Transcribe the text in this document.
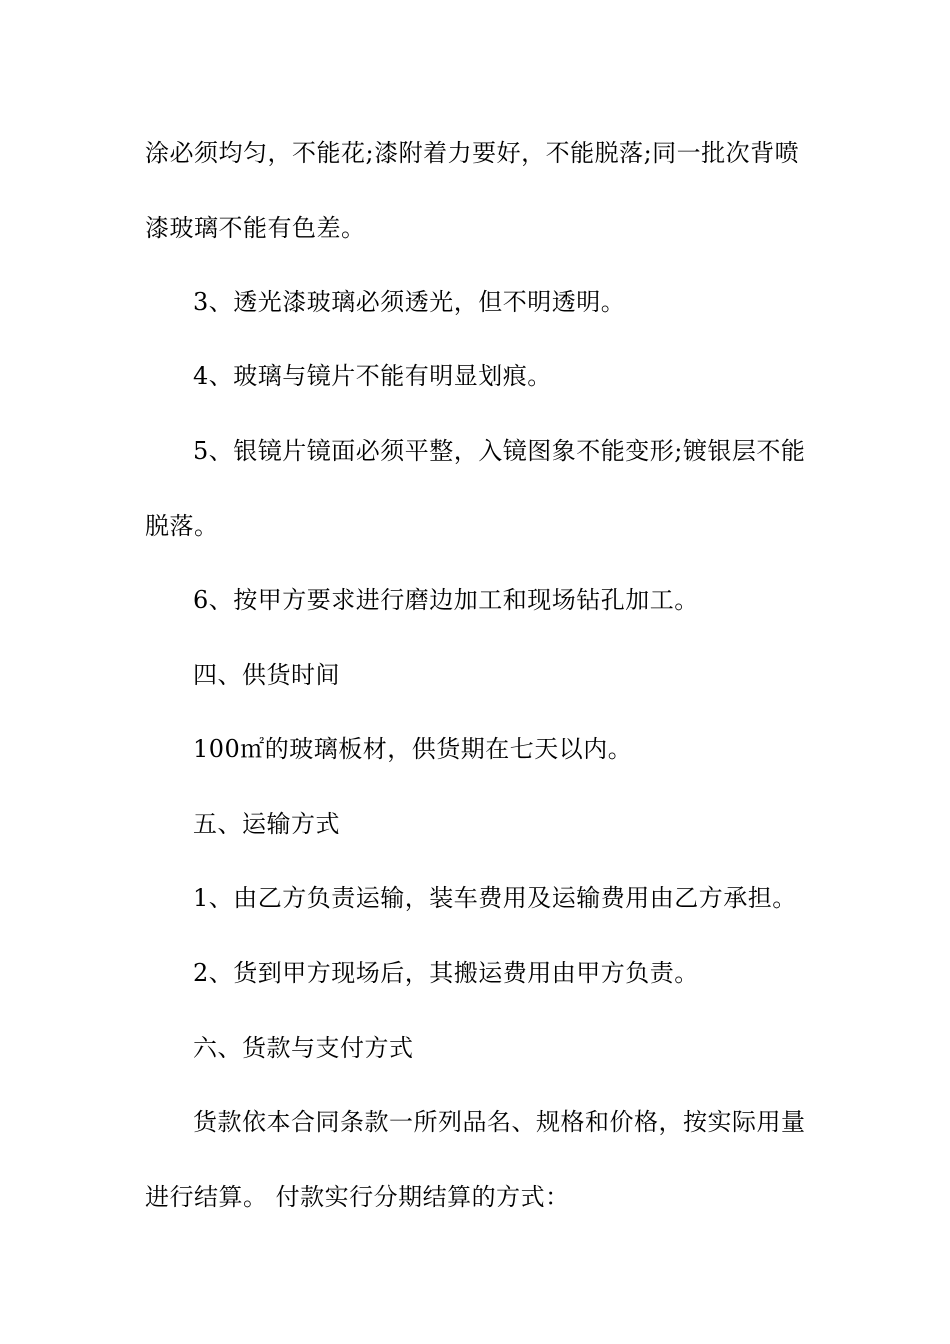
涂必须均匀，不能花;漆附着力要好，不能脱落;同一批次背喷
漆玻璃不能有色差。
3、透光漆玻璃必须透光，但不明透明。
4、玻璃与镜片不能有明显划痕。
5、银镜片镜面必须平整，入镜图象不能变形;镀银层不能
脱落。
6、按甲方要求进行磨边加工和现场钻孔加工。
四、供货时间
100㎡的玻璃板材，供货期在七天以内。
五、运输方式
1、由乙方负责运输，装车费用及运输费用由乙方承担。
2、货到甲方现场后，其搬运费用由甲方负责。
六、货款与支付方式
货款依本合同条款一所列品名、规格和价格，按实际用量
进行结算。 付款实行分期结算的方式：
